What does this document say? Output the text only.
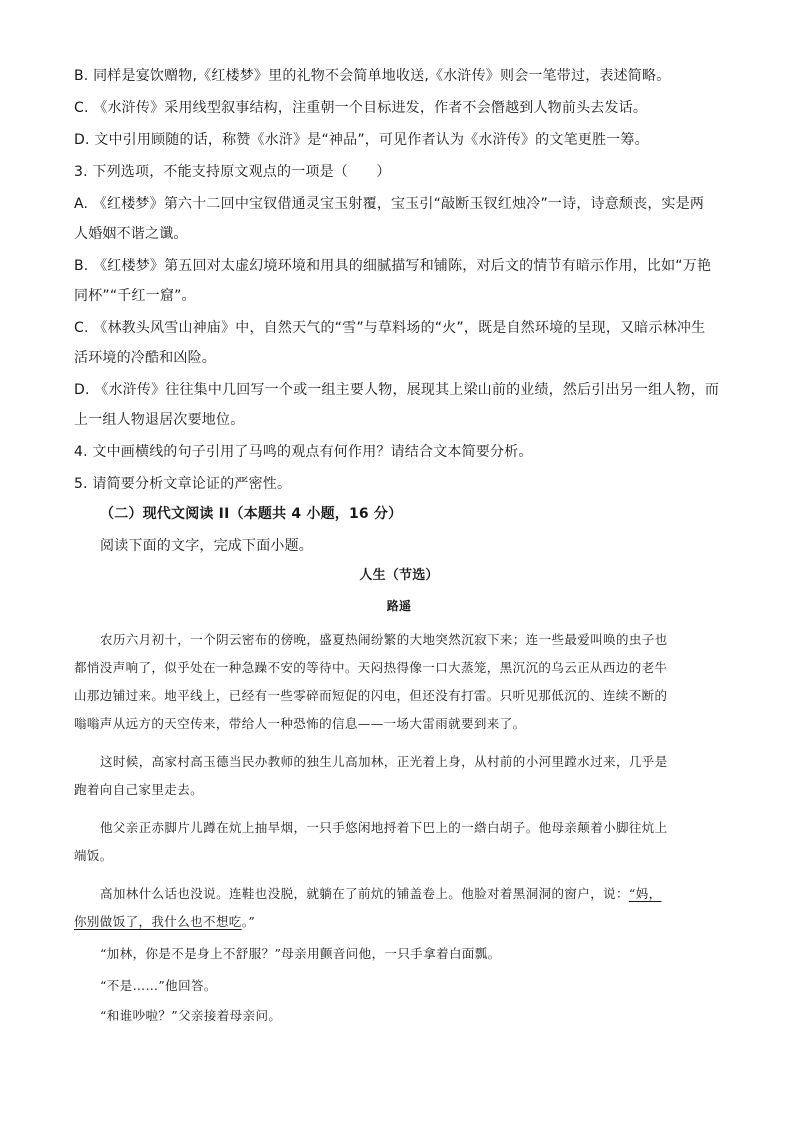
B. 同样是宴饮赠物,《红楼梦》里的礼物不会简单地收送,《水浒传》则会一笔带过，表述简略。
C. 《水浒传》采用线型叙事结构，注重朝一个目标进发，作者不会僭越到人物前头去发话。
D. 文中引用顾随的话，称赞《水浒》是“神品”，可见作者认为《水浒传》的文笔更胜一筹。
3. 下列选项，不能支持原文观点的一项是（　　）
A. 《红楼梦》第六十二回中宝钗借通灵宝玉射覆，宝玉引“敲断玉钗红烛冷”一诗，诗意颓丧，实是两
人婚姻不谐之谶。
B. 《红楼梦》第五回对太虚幻境环境和用具的细腻描写和铺陈，对后文的情节有暗示作用，比如“万艳
同杯”“千红一窟”。
C. 《林教头风雪山神庙》中，自然天气的“雪”与草料场的“火”，既是自然环境的呈现，又暗示林冲生
活环境的冷酷和凶险。
D. 《水浒传》往往集中几回写一个或一组主要人物，展现其上梁山前的业绩，然后引出另一组人物，而
上一组人物退居次要地位。
4. 文中画横线的句子引用了马鸣的观点有何作用？请结合文本简要分析。
5. 请简要分析文章论证的严密性。
（二）现代文阅读 II（本题共 4 小题，16 分）
阅读下面的文字，完成下面小题。
人生（节选）
路遥
农历六月初十，一个阴云密布的傍晚，盛夏热闹纷繁的大地突然沉寂下来；连一些最爱叫唤的虫子也
都悄没声响了，似乎处在一种急躁不安的等待中。天闷热得像一口大蒸笼，黑沉沉的乌云正从西边的老牛
山那边铺过来。地平线上，已经有一些零碎而短促的闪电，但还没有打雷。只听见那低沉的、连续不断的
嗡嗡声从远方的天空传来，带给人一种恐怖的信息——一场大雷雨就要到来了。
这时候，高家村高玉德当民办教师的独生儿高加林，正光着上身，从村前的小河里蹚水过来，几乎是
跑着向自己家里走去。
他父亲正赤脚片儿蹲在炕上抽旱烟，一只手悠闲地捋着下巴上的一綹白胡子。他母亲颠着小脚往炕上
端饭。
高加林什么话也没说。连鞋也没脱，就躺在了前炕的铺盖卷上。他脸对着黑洞洞的窗户，说：“妈，
你别做饭了，我什么也不想吃。”
“加林，你是不是身上不舒服？”母亲用颤音问他，一只手拿着白面瓢。
“不是……”他回答。
“和谁吵啦？”父亲接着母亲问。
